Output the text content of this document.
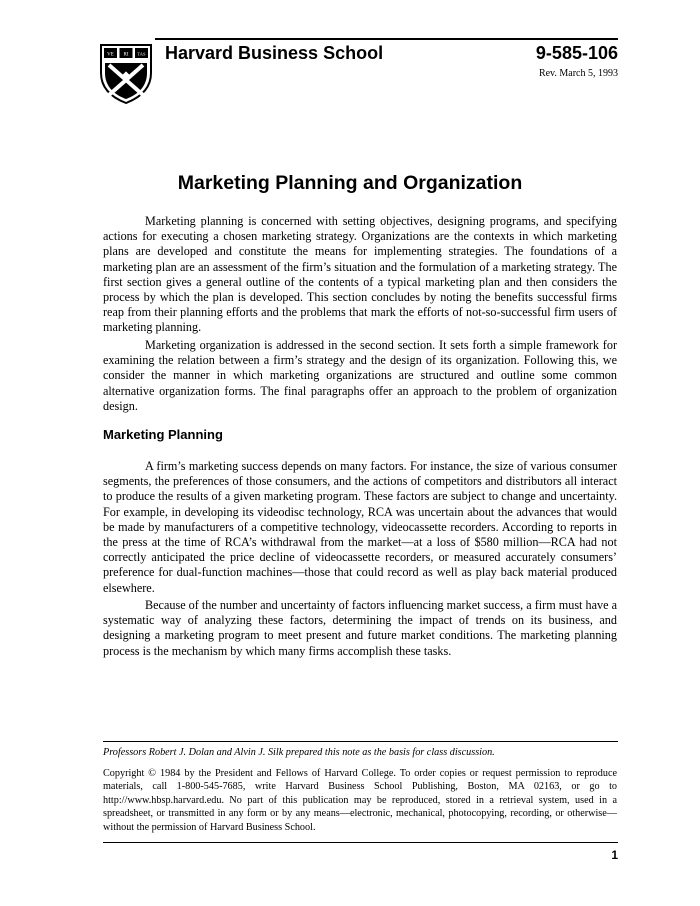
VE RI TAS Harvard Business School	9-585-106
Rev. March 5, 1993
Marketing Planning and Organization

Marketing planning is concerned with setting objectives, designing programs, and specifying actions for executing a chosen marketing strategy. Organizations are the contexts in which marketing plans are developed and constitute the means for implementing strategies. The foundations of a marketing plan are an assessment of the firm’s situation and the formulation of a marketing strategy. The first section gives a general outline of the contents of a typical marketing plan and then considers the process by which the plan is developed. This section concludes by noting the benefits successful firms reap from their planning efforts and the problems that mark the efforts of not-so-successful firm users of marketing planning.

Marketing organization is addressed in the second section. It sets forth a simple framework for examining the relation between a firm’s strategy and the design of its organization. Following this, we consider the manner in which marketing organizations are structured and outline some common alternative organization forms. The final paragraphs offer an approach to the problem of organization design.

Marketing Planning

A firm’s marketing success depends on many factors. For instance, the size of various consumer segments, the preferences of those consumers, and the actions of competitors and distributors all interact to produce the results of a given marketing program. These factors are subject to change and uncertainty. For example, in developing its videodisc technology, RCA was uncertain about the advances that would be made by manufacturers of a competitive technology, videocassette recorders. According to reports in the press at the time of RCA’s withdrawal from the market—at a loss of $580 million—RCA had not correctly anticipated the price decline of videocassette recorders, or measured accurately consumers’ preference for dual-function machines—those that could record as well as play back material produced elsewhere.

Because of the number and uncertainty of factors influencing market success, a firm must have a systematic way of analyzing these factors, determining the impact of trends on its business, and designing a marketing program to meet present and future market conditions. The marketing planning process is the mechanism by which many firms accomplish these tasks.

Professors Robert J. Dolan and Alvin J. Silk prepared this note as the basis for class discussion.

Copyright © 1984 by the President and Fellows of Harvard College. To order copies or request permission to reproduce materials, call 1-800-545-7685, write Harvard Business School Publishing, Boston, MA 02163, or go to http://www.hbsp.harvard.edu. No part of this publication may be reproduced, stored in a retrieval system, used in a spreadsheet, or transmitted in any form or by any means—electronic, mechanical, photocopying, recording, or otherwise—without the permission of Harvard Business School.

1
